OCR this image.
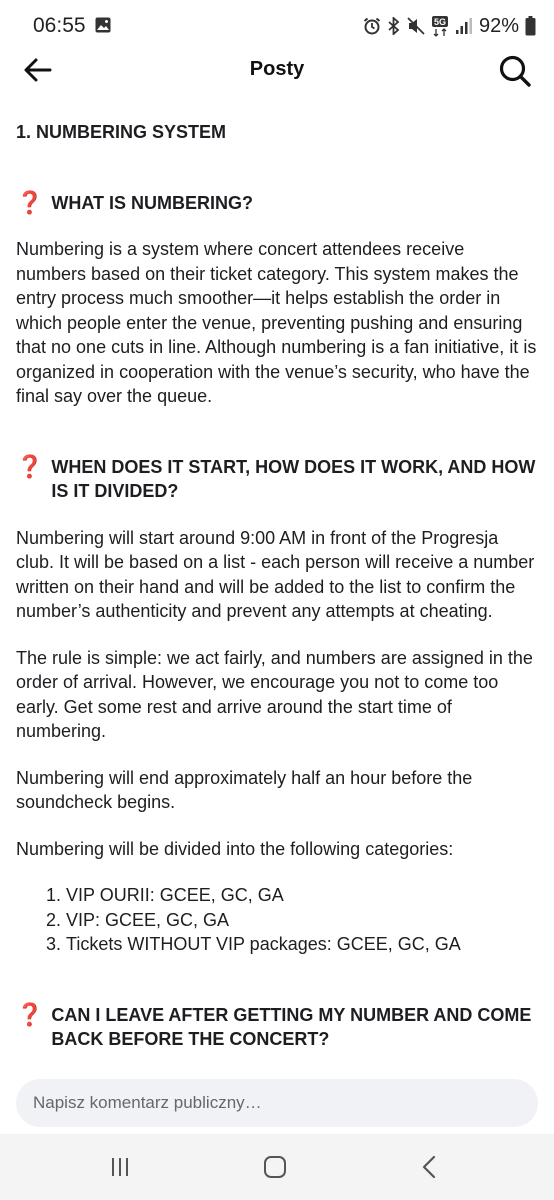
06:55	5G 92%
Posty
1. NUMBERING SYSTEM
❓ WHAT IS NUMBERING?

Numbering is a system where concert attendees receive numbers based on their ticket category. This system makes the entry process much smoother—it helps establish the order in which people enter the venue, preventing pushing and ensuring that no one cuts in line. Although numbering is a fan initiative, it is organized in cooperation with the venue’s security, who have the final say over the queue.

❓ WHEN DOES IT START, HOW DOES IT WORK, AND HOW IS IT DIVIDED?

Numbering will start around 9:00 AM in front of the Progresja club. It will be based on a list - each person will receive a number written on their hand and will be added to the list to confirm the number’s authenticity and prevent any attempts at cheating.

The rule is simple: we act fairly, and numbers are assigned in the order of arrival. However, we encourage you not to come too early. Get some rest and arrive around the start time of numbering.

Numbering will end approximately half an hour before the soundcheck begins.

Numbering will be divided into the following categories:

1. VIP OURII: GCEE, GC, GA
2. VIP: GCEE, GC, GA
3. Tickets WITHOUT VIP packages: GCEE, GC, GA
❓ CAN I LEAVE AFTER GETTING MY NUMBER AND COME BACK BEFORE THE CONCERT?
Napisz komentarz publiczny…
